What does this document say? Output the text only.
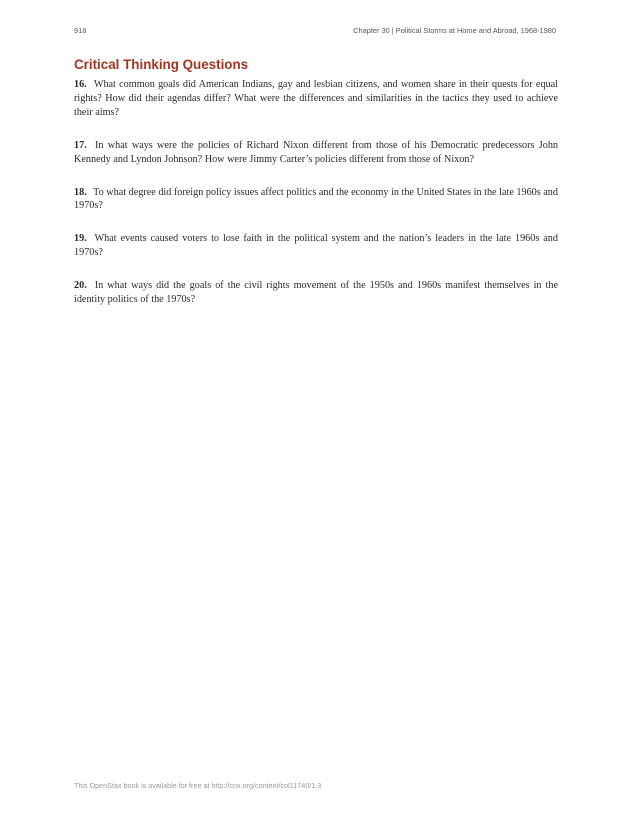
918	Chapter 30 | Political Storms at Home and Abroad, 1968-1980
Critical Thinking Questions
16. What common goals did American Indians, gay and lesbian citizens, and women share in their quests for equal rights? How did their agendas differ? What were the differences and similarities in the tactics they used to achieve their aims?
17. In what ways were the policies of Richard Nixon different from those of his Democratic predecessors John Kennedy and Lyndon Johnson? How were Jimmy Carter’s policies different from those of Nixon?
18. To what degree did foreign policy issues affect politics and the economy in the United States in the late 1960s and 1970s?
19. What events caused voters to lose faith in the political system and the nation’s leaders in the late 1960s and 1970s?
20. In what ways did the goals of the civil rights movement of the 1950s and 1960s manifest themselves in the identity politics of the 1970s?
This OpenStax book is available for free at http://cnx.org/content/col11740/1.3
